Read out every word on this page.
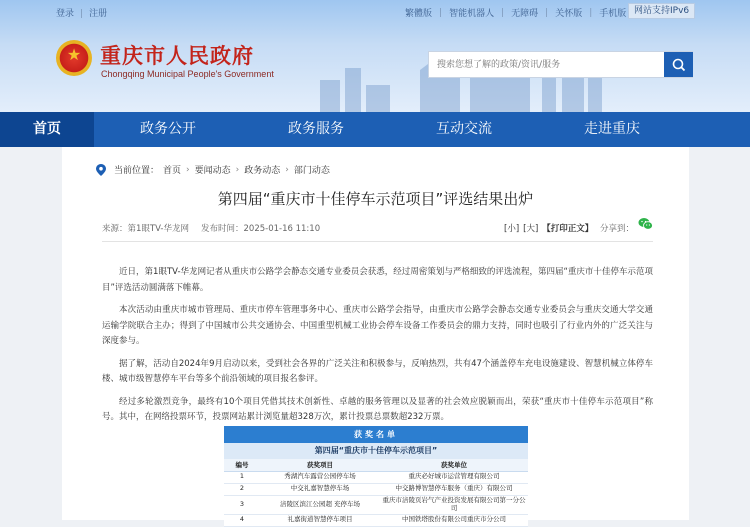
登录 | 注册	繁體版 | 智能机器人 | 无障碍 | 关怀版 | 手机版 网站支持IPv6
★
重庆市人民政府
Chongqing Municipal People's Government
搜索您想了解的政策/资讯/服务
首页	政务公开	政务服务	互动交流	走进重庆
当前位置： 首页 › 要闻动态 › 政务动态 › 部门动态
第四届“重庆市十佳停车示范项目”评选结果出炉
来源：第1眼TV-华龙网 发布时间：2025-01-16 11:10	[小] [大] 【打印正文】 分享到：

近日，第1眼TV-华龙网记者从重庆市公路学会静态交通专业委员会获悉，经过周密策划与严格细致的评选流程，第四届“重庆市十佳停车示范项目”评选活动圆满落下帷幕。

本次活动由重庆市城市管理局、重庆市停车管理事务中心、重庆市公路学会指导，由重庆市公路学会静态交通专业委员会与重庆交通大学交通运输学院联合主办；得到了中国城市公共交通协会、中国重型机械工业协会停车设备工作委员会的鼎力支持，同时也吸引了行业内外的广泛关注与深度参与。

据了解，活动自2024年9月启动以来，受到社会各界的广泛关注和积极参与，反响热烈，共有47个涵盖停车充电设施建设、智慧机械立体停车楼、城市级智慧停车平台等多个前沿领域的项目报名参评。

经过多轮激烈竞争，最终有10个项目凭借其技术创新性、卓越的服务管理以及显著的社会效应脱颖而出，荣获“重庆市十佳停车示范项目”称号。其中，在网络投票环节，投票网站累计浏览量超328万次，累计投票总票数超232万票。

获奖名单
第四届“重庆市十佳停车示范项目”
编号	获奖项目	获奖单位
1	秀湖汽车露营公园停车场	重庆必好城市运营管理有限公司
2	中交礼嘉智慧停车场	中交路博智慧停车服务（重庆）有限公司
3	涪陵区滨江公园超 充停车场	重庆市涪陵页岩气产业投资发展有限公司第一分公司
4	礼嘉街道智慧停车项目	中国铁塔股份有限公司重庆市分公司
